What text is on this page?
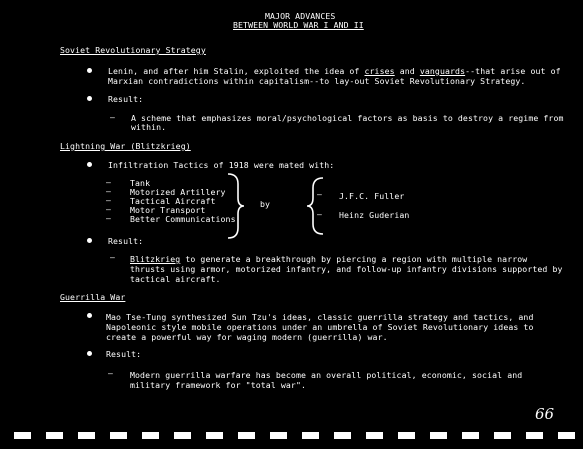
MAJOR ADVANCES
BETWEEN WORLD WAR I AND II
Soviet Revolutionary Strategy
Lenin, and after him Stalin, exploited the idea of crises and vanguards--that arise out of
Marxian contradictions within capitalism--to lay-out Soviet Revolutionary Strategy.
Result:
– A scheme that emphasizes moral/psychological factors as basis to destroy a regime from
within.
Lightning War (Blitzkrieg)
Infiltration Tactics of 1918 were mated with:
– Tank
– Motorized Artillery
– Tactical Aircraft
– Motor Transport
– Better Communications
by
– J.F.C. Fuller
– Heinz Guderian
Result:
– Blitzkrieg to generate a breakthrough by piercing a region with multiple narrow
thrusts using armor, motorized infantry, and follow-up infantry divisions supported by
tactical aircraft.
Guerrilla War
Mao Tse-Tung synthesized Sun Tzu's ideas, classic guerrilla strategy and tactics, and
Napoleonic style mobile operations under an umbrella of Soviet Revolutionary ideas to
create a powerful way for waging modern (guerrilla) war.
Result:
– Modern guerrilla warfare has become an overall political, economic, social and
military framework for "total war".
66
